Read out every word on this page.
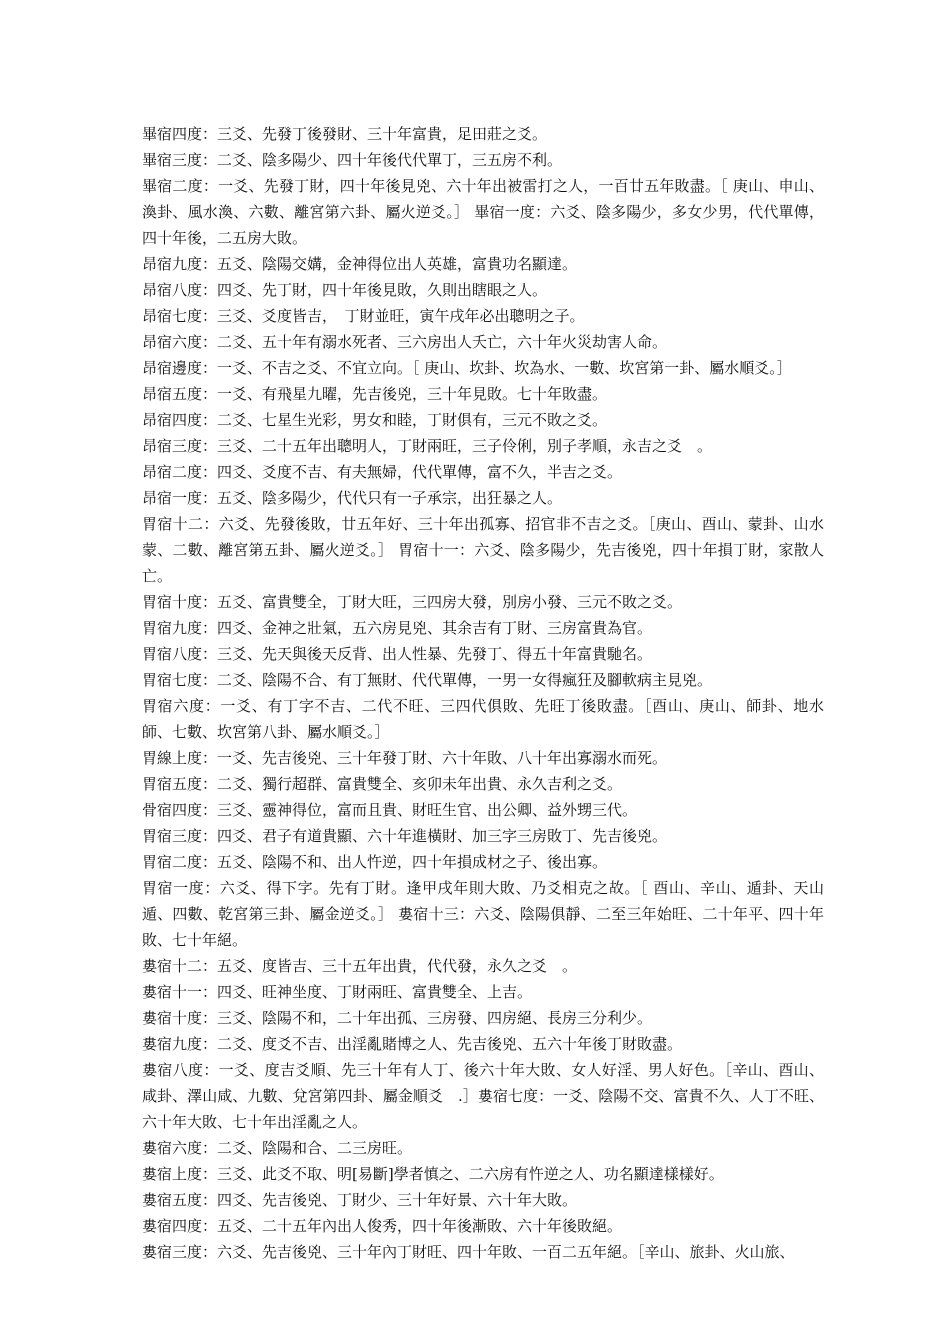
畢宿四度：三爻、先發丁後發財、三十年富貴，足田莊之爻。

畢宿三度：二爻、陰多陽少、四十年後代代單丁，三五房不利。

畢宿二度：一爻、先發丁財，四十年後見兇、六十年出被雷打之人，一百廿五年敗盡。［ 庚山、申山、渙卦、風水渙、六數、離宮第六卦、屬火逆爻。］ 畢宿一度：六爻、陰多陽少，多女少男，代代單傳，四十年後，二五房大敗。

昂宿九度：五爻、陰陽交媾，金神得位出人英雄，富貴功名顯達。

昂宿八度：四爻、先丁財，四十年後見敗，久則出瞎眼之人。

昂宿七度：三爻、爻度皆吉，　丁財並旺，寅午戌年必出聰明之子。

昂宿六度：二爻、五十年有溺水死者、三六房出人夭亡，六十年火災劫害人命。

昂宿邊度：一爻、不吉之爻、不宜立向。［ 庚山、坎卦、坎為水、一數、坎宮第一卦、屬水順爻。］

昂宿五度：一爻、有飛星九曜，先吉後兇，三十年見敗。七十年敗盡。

昂宿四度：二爻、七星生光彩，男女和睦，丁財俱有，三元不敗之爻。

昂宿三度：三爻、二十五年出聰明人，丁財兩旺，三子伶俐，別子孝順，永吉之爻　。

昂宿二度：四爻、爻度不吉、有夫無婦，代代單傳，富不久，半吉之爻。

昂宿一度：五爻、陰多陽少，代代只有一子承宗，出狂暴之人。

胃宿十二：六爻、先發後敗，廿五年好、三十年出孤寡、招官非不吉之爻。［庚山、酉山、蒙卦、山水蒙、二數、離宮第五卦、屬火逆爻。］ 胃宿十一：六爻、陰多陽少，先吉後兇，四十年損丁財，家散人亡。

胃宿十度：五爻、富貴雙全，丁財大旺，三四房大發，別房小發、三元不敗之爻。

胃宿九度：四爻、金神之壯氣，五六房見兇、其余吉有丁財、三房富貴為官。

胃宿八度：三爻、先天與後天反背、出人性暴、先發丁、得五十年富貴馳名。

胃宿七度：二爻、陰陽不合、有丁無財、代代單傳，一男一女得瘋狂及腳軟病主見兇。

胃宿六度：一爻、有丁字不吉、二代不旺、三四代俱敗、先旺丁後敗盡。［酉山、庚山、師卦、地水師、七數、坎宮第八卦、屬水順爻。］

胃線上度：一爻、先吉後兇、三十年發丁財、六十年敗、八十年出寡溺水而死。

胃宿五度：二爻、獨行超群、富貴雙全、亥卯未年出貴、永久吉利之爻。

骨宿四度：三爻、靈神得位，富而且貴、財旺生官、出公卿、益外甥三代。

胃宿三度：四爻、君子有道貴顯、六十年進橫財、加三字三房敗丁、先吉後兇。

胃宿二度：五爻、陰陽不和、出人忤逆，四十年損成材之子、後出寡。

胃宿一度：六爻、得下字。先有丁財。逢甲戌年則大敗、乃爻相克之故。［ 酉山、辛山、遁卦、天山遁、四數、乾宮第三卦、屬金逆爻。］ 婁宿十三：六爻、陰陽俱靜、二至三年始旺、二十年平、四十年敗、七十年絕。

婁宿十二：五爻、度皆吉、三十五年出貴，代代發，永久之爻　。

婁宿十一：四爻、旺神坐度、丁財兩旺、富貴雙全、上吉。

婁宿十度：三爻、陰陽不和，二十年出孤、三房發、四房絕、長房三分利少。

婁宿九度：二爻、度爻不吉、出淫亂賭博之人、先吉後兇、五六十年後丁財敗盡。

婁宿八度：一爻、度吉爻順、先三十年有人丁、後六十年大敗、女人好淫、男人好色。［辛山、酉山、咸卦、澤山咸、九數、兌宮第四卦、屬金順爻　.］婁宿七度：一爻、陰陽不交、富貴不久、人丁不旺、六十年大敗、七十年出淫亂之人。

婁宿六度：二爻、陰陽和合、二三房旺。

婁宿上度：三爻、此爻不取、明[易斷]學者慎之、二六房有忤逆之人、功名顯達樣樣好。

婁宿五度：四爻、先吉後兇、丁財少、三十年好景、六十年大敗。

婁宿四度：五爻、二十五年內出人俊秀，四十年後漸敗、六十年後敗絕。

婁宿三度：六爻、先吉後兇、三十年內丁財旺、四十年敗、一百二五年絕。［辛山、旅卦、火山旅、
